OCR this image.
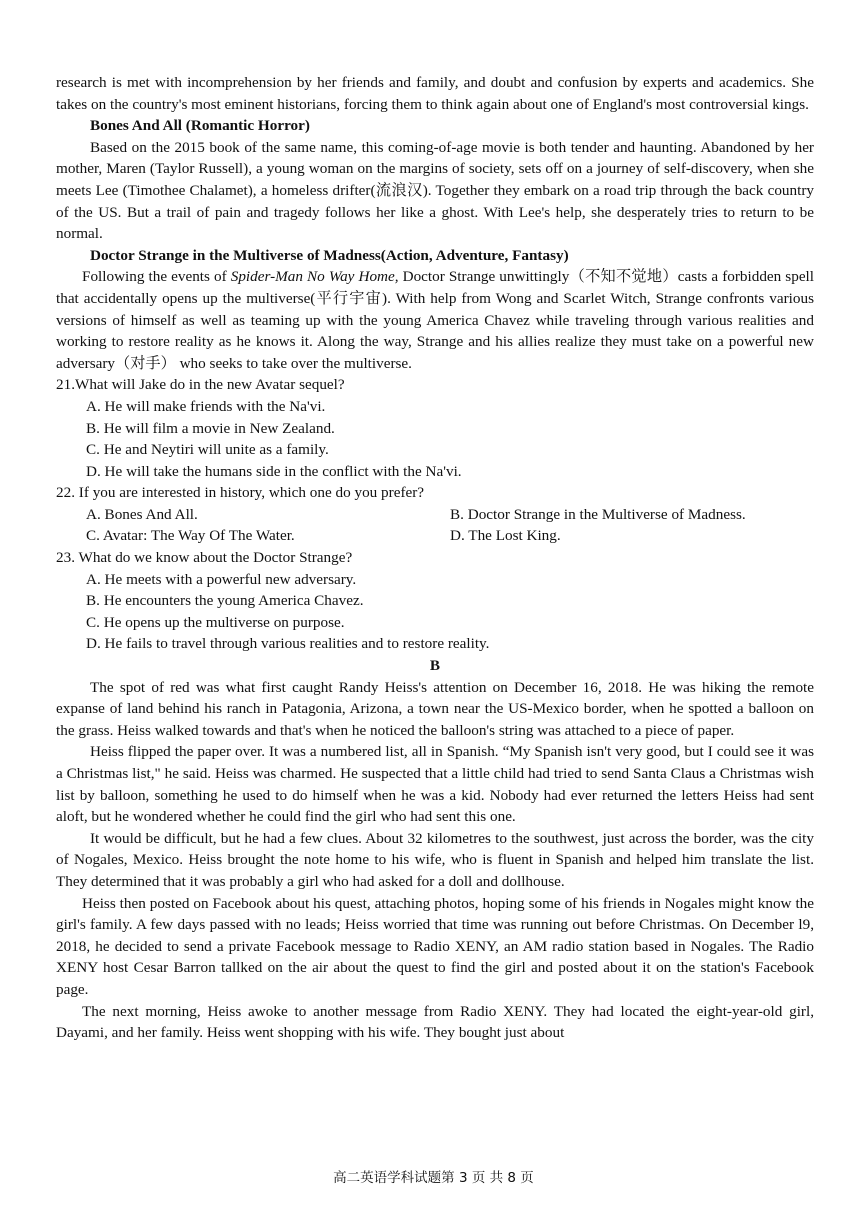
research is met with incomprehension by her friends and family, and doubt and confusion by experts and academics. She takes on the country's most eminent historians, forcing them to think again about one of England's most controversial kings.

Bones And All (Romantic Horror)

Based on the 2015 book of the same name, this coming-of-age movie is both tender and haunting. Abandoned by her mother, Maren (Taylor Russell), a young woman on the margins of society, sets off on a journey of self-discovery, when she meets Lee (Timothee Chalamet), a homeless drifter(流浪汉). Together they embark on a road trip through the back country of the US. But a trail of pain and tragedy follows her like a ghost. With Lee's help, she desperately tries to return to be normal.

Doctor Strange in the Multiverse of Madness(Action, Adventure, Fantasy)

Following the events of Spider-Man No Way Home, Doctor Strange unwittingly（不知不觉地）casts a forbidden spell that accidentally opens up the multiverse(平行宇宙). With help from Wong and Scarlet Witch, Strange confronts various versions of himself as well as teaming up with the young America Chavez while traveling through various realities and working to restore reality as he knows it. Along the way, Strange and his allies realize they must take on a powerful new adversary（对手） who seeks to take over the multiverse.

21.What will Jake do in the new Avatar sequel?

A. He will make friends with the Na'vi.

B. He will film a movie in New Zealand.

C. He and Neytiri will unite as a family.

D. He will take the humans side in the conflict with the Na'vi.

22. If you are interested in history, which one do you prefer?

A. Bones And All.	B. Doctor Strange in the Multiverse of Madness.
C. Avatar: The Way Of The Water.	D. The Lost King.

23. What do we know about the Doctor Strange?

A. He meets with a powerful new adversary.

B. He encounters the young America Chavez.

C. He opens up the multiverse on purpose.

D. He fails to travel through various realities and to restore reality.

B

The spot of red was what first caught Randy Heiss's attention on December 16, 2018. He was hiking the remote expanse of land behind his ranch in Patagonia, Arizona, a town near the US-Mexico border, when he spotted a balloon on the grass. Heiss walked towards and that's when he noticed the balloon's string was attached to a piece of paper.

Heiss flipped the paper over. It was a numbered list, all in Spanish. “My Spanish isn't very good, but I could see it was a Christmas list," he said. Heiss was charmed. He suspected that a little child had tried to send Santa Claus a Christmas wish list by balloon, something he used to do himself when he was a kid. Nobody had ever returned the letters Heiss had sent aloft, but he wondered whether he could find the girl who had sent this one.

It would be difficult, but he had a few clues. About 32 kilometres to the southwest, just across the border, was the city of Nogales, Mexico. Heiss brought the note home to his wife, who is fluent in Spanish and helped him translate the list. They determined that it was probably a girl who had asked for a doll and dollhouse.

Heiss then posted on Facebook about his quest, attaching photos, hoping some of his friends in Nogales might know the girl's family. A few days passed with no leads; Heiss worried that time was running out before Christmas. On December l9, 2018, he decided to send a private Facebook message to Radio XENY, an AM radio station based in Nogales. The Radio XENY host Cesar Barron tallked on the air about the quest to find the girl and posted about it on the station's Facebook page.

The next morning, Heiss awoke to another message from Radio XENY. They had located the eight-year-old girl, Dayami, and her family. Heiss went shopping with his wife. They bought just about

高二英语学科试题第 3 页 共 8 页
